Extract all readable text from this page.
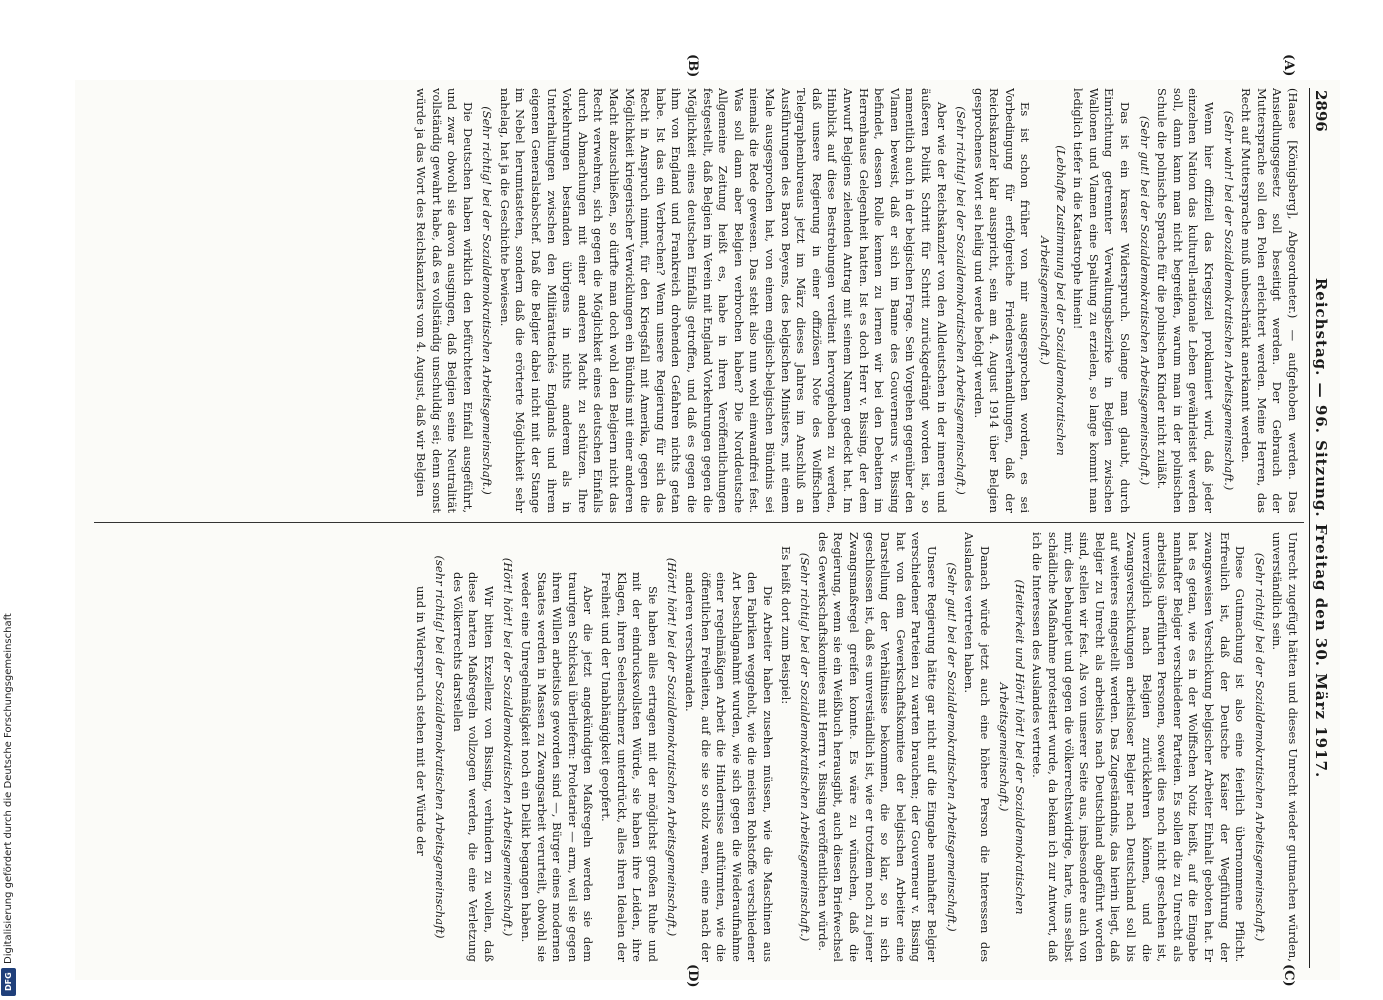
Digitalisierung gefördert durch die Deutsche Forschungsgemeinschaft
DFG
2896
Reichstag. — 96. Sitzung. Freitag den 30. März 1917.
(A)
(B)
(C)
(D)

(Haase [Königsberg], Abgeordneter.) — aufgehoben werden. Das Ansiedlungsgesetz soll beseitigt werden. Der Gebrauch der Muttersprache soll den Polen erleichtert werden. Meine Herren, das Recht auf Muttersprache muß unbeschränkt anerkannt werden.

(Sehr wahr! bei der Sozialdemokratischen Arbeitsgemeinschaft.)

Wenn hier offiziell das Kriegsziel proklamiert wird, daß jeder einzelnen Nation das kulturell-nationale Leben gewährleistet werden soll, dann kann man nicht begreifen, warum man in der polnischen Schule die polnische Sprache für die polnischen Kinder nicht zuläßt.

(Sehr gut! bei der Sozialdemokratischen Arbeitsgemeinschaft.)

Das ist ein krasser Widerspruch. Solange man glaubt, durch Einrichtung getrennter Verwaltungsbezirke in Belgien zwischen Wallonen und Vlamen eine Spaltung zu erzielen, so lange kommt man lediglich tiefer in die Katastrophe hinein!

(Lebhafte Zustimmung bei der Sozialdemokratischen Arbeitsgemeinschaft.)

Es ist schon früher von mir ausgesprochen worden, es sei Vorbedingung für erfolgreiche Friedensverhandlungen, daß der Reichskanzler klar ausspricht, sein am 4. August 1914 über Belgien gesprochenes Wort sei heilig und werde befolgt werden.

(Sehr richtig! bei der Sozialdemokratischen Arbeitsgemeinschaft.)

Aber wie der Reichskanzler von den Alldeutschen in der inneren und äußeren Politik Schritt für Schritt zurückgedrängt worden ist, so namentlich auch in der belgischen Frage. Sein Vorgehen gegenüber den Vlamen beweist, daß er sich im Banne des Gouverneurs v. Bissing befindet, dessen Rolle kennen zu lernen wir bei den Debatten im Herrenhause Gelegenheit hatten. Ist es doch Herr v. Bissing, der dem Anwurf Belgiens zielenden Antrag mit seinem Namen gedeckt hat. Im Hinblick auf diese Bestrebungen verdient hervorgehoben zu werden, daß unsere Regierung in einer offiziösen Note des Wolffschen Telegraphenbureaus jetzt im März dieses Jahres im Anschluß an Ausführungen des Baron Beyens, des belgischen Ministers, mit einem Male ausgesprochen hat, von einem englisch-belgischen Bündnis sei niemals die Rede gewesen. Das steht also nun wohl einwandfrei fest. Was soll dann aber Belgien verbrochen haben? Die Norddeutsche Allgemeine Zeitung heißt es, habe in ihren Veröffentlichungen festgestellt, daß Belgien im Verein mit England Vorkehrungen gegen die Möglichkeit eines deutschen Einfalls getroffen, und daß es gegen die ihm von England und Frankreich drohenden Gefahren nichts getan habe. Ist das ein Verbrechen? Wenn unsere Regierung für sich das Recht in Anspruch nimmt, für den Kriegsfall mit Amerika, gegen die Möglichkeit kriegerischer Verwicklungen ein Bündnis mit einer anderen Macht abzuschließen, so dürfte man doch wohl den Belgiern nicht das Recht verwehren, sich gegen die Möglichkeit eines deutschen Einfalls durch Abmachungen mit einer anderen Macht zu schützen. Ihre Vorkehrungen bestanden übrigens in nichts anderem als in Unterhaltungen zwischen den Militärattachés Englands und ihrem eigenen Generalstabschef. Daß die Belgier dabei nicht mit der Stange im Nebel herumtasteten, sondern daß die erörterte Möglichkeit sehr nahelag, hat ja die Geschichte bewiesen.

(Sehr richtig! bei der Sozialdemokratischen Arbeitsgemeinschaft.)

Die Deutschen haben wirklich den befürchteten Einfall ausgeführt, und zwar obwohl sie davon ausgingen, daß Belgien seine Neutralität vollständig gewahrt habe, daß es vollständig unschuldig sei; denn sonst würde ja das Wort des Reichskanzlers vom 4. August, daß wir Belgien

Unrecht zugefügt hätten und dieses Unrecht wieder gutmachen würden, unverständlich sein.

(Sehr richtig! bei der Sozialdemokratischen Arbeitsgemeinschaft.)

Diese Gutmachung ist also eine feierlich übernommene Pflicht. Erfreulich ist, daß der Deutsche Kaiser der Wegführung der zwangsweisen Verschickung belgischer Arbeiter Einhalt geboten hat. Er hat es getan, wie es in der Wolffschen Notiz heißt, auf die Eingabe namhafter Belgier verschiedener Parteien. Es sollen die zu Unrecht als arbeitslos überführten Personen, soweit dies noch nicht geschehen ist, unverzüglich nach Belgien zurückkehren können, und die Zwangsverschickungen arbeitsloser Belgier nach Deutschland soll bis auf weiteres eingestellt werden. Das Zugeständnis, das hierin liegt, daß Belgier zu Unrecht als arbeitslos nach Deutschland abgeführt worden sind, stellen wir fest. Als von unserer Seite aus, insbesondere auch von mir, dies behauptet und gegen die völkerrechtswidrige, harte, uns selbst schädliche Maßnahme protestiert wurde, da bekam ich zur Antwort, daß ich die Interessen des Auslandes vertrete.

(Heiterkeit und Hört! hört! bei der Sozialdemokratischen Arbeitsgemeinschaft.)

Danach würde jetzt auch eine höhere Person die Interessen des Auslandes vertreten haben.

(Sehr gut! bei der Sozialdemokratischen Arbeitsgemeinschaft.)

Unsere Regierung hätte gar nicht auf die Eingabe namhafter Belgier verschiedener Parteien zu warten brauchen; der Gouverneur v. Bissing hat von dem Gewerkschaftskomitee der belgischen Arbeiter eine Darstellung der Verhältnisse bekommen, die so klar, so in sich geschlossen ist, daß es unverständlich ist, wie er trotzdem noch zu jener Zwangsmaßregel greifen konnte. Es wäre zu wünschen, daß die Regierung, wenn sie ein Weißbuch herausgibt, auch diesen Briefwechsel des Gewerkschaftskomitees mit Herrn v. Bissing veröffentlichen würde.

(Sehr richtig! bei der Sozialdemokratischen Arbeitsgemeinschaft.)

Es heißt dort zum Beispiel:

Die Arbeiter haben zusehen müssen, wie die Maschinen aus den Fabriken weggeholt, wie die meisten Rohstoffe verschiedener Art beschlagnahmt wurden, wie sich gegen die Wiederaufnahme einer regelmäßigen Arbeit die Hindernisse auftürmten, wie die öffentlichen Freiheiten, auf die sie so stolz waren, eine nach der anderen verschwanden.

(Hört! hört! bei der Sozialdemokratischen Arbeitsgemeinschaft.)

Sie haben alles ertragen mit der möglichst großen Ruhe und mit der eindrucksvollsten Würde, sie haben ihre Leiden, ihre Klagen, ihren Seelenschmerz unterdrückt, alles ihren Idealen der Freiheit und der Unabhängigkeit geopfert.

Aber die jetzt angekündigten Maßregeln werden sie dem traurigen Schicksal überliefern: Proletarier — arm, weil sie gegen ihren Willen arbeitslos geworden sind —, Bürger eines modernen Staates werden in Massen zu Zwangsarbeit verurteilt, obwohl sie weder eine Unregelmäßigkeit noch ein Delikt begangen haben.

(Hört! hört! bei der Sozialdemokratischen Arbeitsgemeinschaft.)

Wir bitten Exzellenz von Bissing, verhindern zu wollen, daß diese harten Maßregeln vollzogen werden, die eine Verletzung des Völkerrechts darstellen

(sehr richtig! bei der Sozialdemokratischen Arbeitsgemeinschaft)

und in Widerspruch stehen mit der Würde der
